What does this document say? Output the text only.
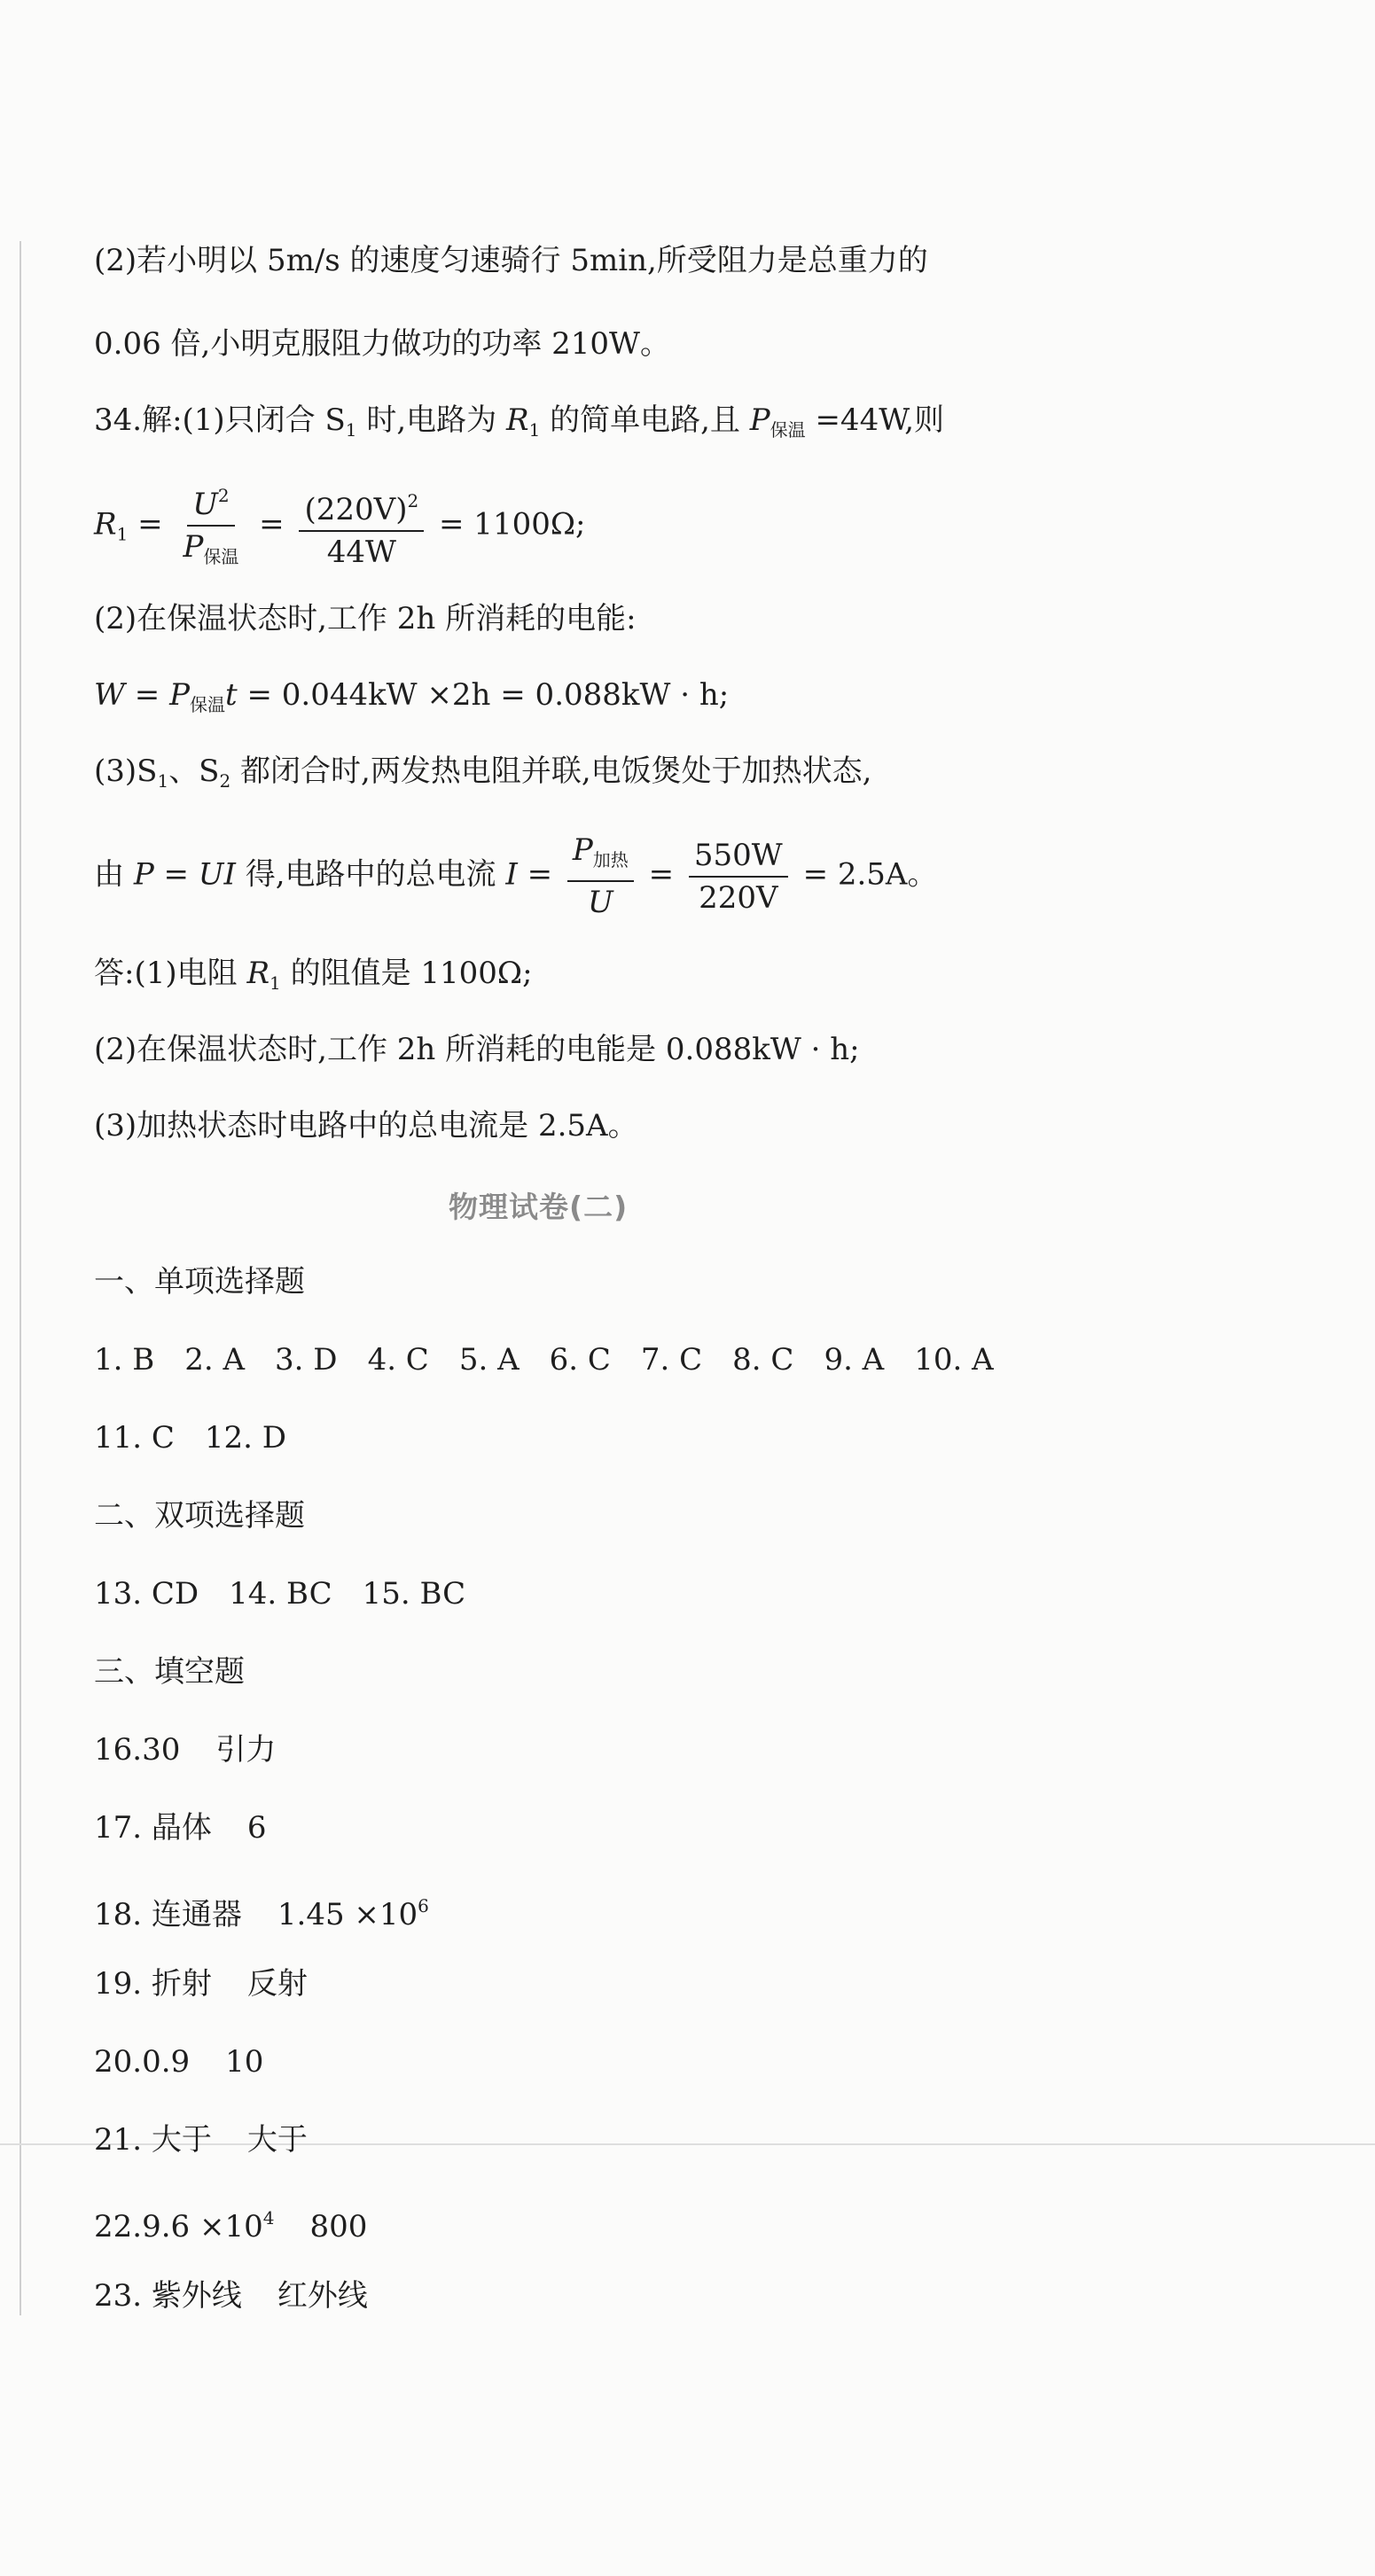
(2)若小明以 5m/s 的速度匀速骑行 5min,所受阻力是总重力的
0.06 倍,小明克服阻力做功的功率 210W。
34.解:(1)只闭合 $S_1$ 时,电路为 $R_1$ 的简单电路,且 $P_{保温} =44W$,则
$R_1 = \frac{U^2}{P_{保温}} = \frac{(220V)^2}{44W} = 1100\Omega$;
(2)在保温状态时,工作 2h 所消耗的电能:
$W = P_{保温}t = 0.044kW \times 2h = 0.088kW \cdot h$;
$(3)S_1$、$S_2$ 都闭合时,两发热电阻并联,电饭煲处于加热状态,
由 P = UI 得,电路中的总电流 $I = \frac{P_{加热}}{U} = \frac{550W}{220V} = 2.5A$。
答:(1)电阻 $R_1$ 的阻值是 1100Ω;
(2)在保温状态时,工作 2h 所消耗的电能是 0.088kW · h;
(3)加热状态时电路中的总电流是 2.5A。
物理试卷(二)
一、单项选择题
1. B 2. A 3. D 4. C 5. A 6. C 7. C 8. C 9. A 10. A
11. C 12. D
二、双项选择题
13. CD 14. BC 15. BC
三、填空题
16.30 引力
17. 晶体 6
18. 连通器 $1.45 \times 10^6$
19. 折射 反射
20.0.9 10
21. 大于 大于
$22.9.6 \times 10^4$ 800
23. 紫外线 红外线
